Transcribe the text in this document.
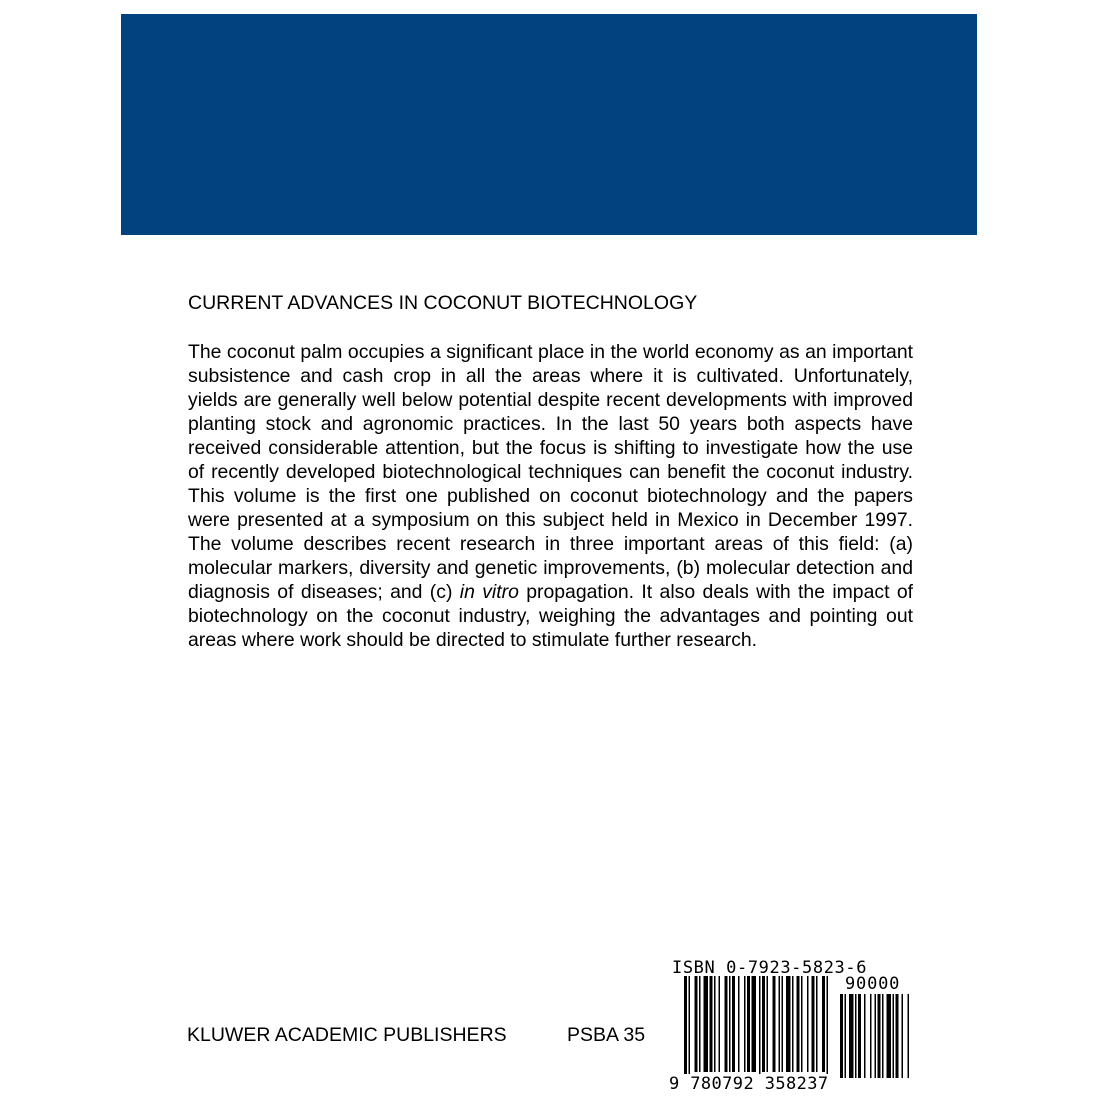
CURRENT ADVANCES IN COCONUT BIOTECHNOLOGY

The coconut palm occupies a significant place in the world economy as an important subsistence and cash crop in all the areas where it is cultivated. Unfortunately, yields are generally well below potential despite recent developments with improved planting stock and agronomic practices. In the last 50 years both aspects have received considerable attention, but the focus is shifting to investigate how the use of recently developed biotechnological techniques can benefit the coconut industry. This volume is the first one published on coconut biotechnology and the papers were presented at a symposium on this subject held in Mexico in December 1997. The volume describes recent research in three important areas of this field: (a) molecular markers, diversity and genetic improvements, (b) molecular detection and diagnosis of diseases; and (c) in vitro propagation. It also deals with the impact of biotechnology on the coconut industry, weighing the advantages and pointing out areas where work should be directed to stimulate further research.

KLUWER ACADEMIC PUBLISHERS	PSBA 35
ISBN 0-7923-5823-6
90000
9 780792 358237
